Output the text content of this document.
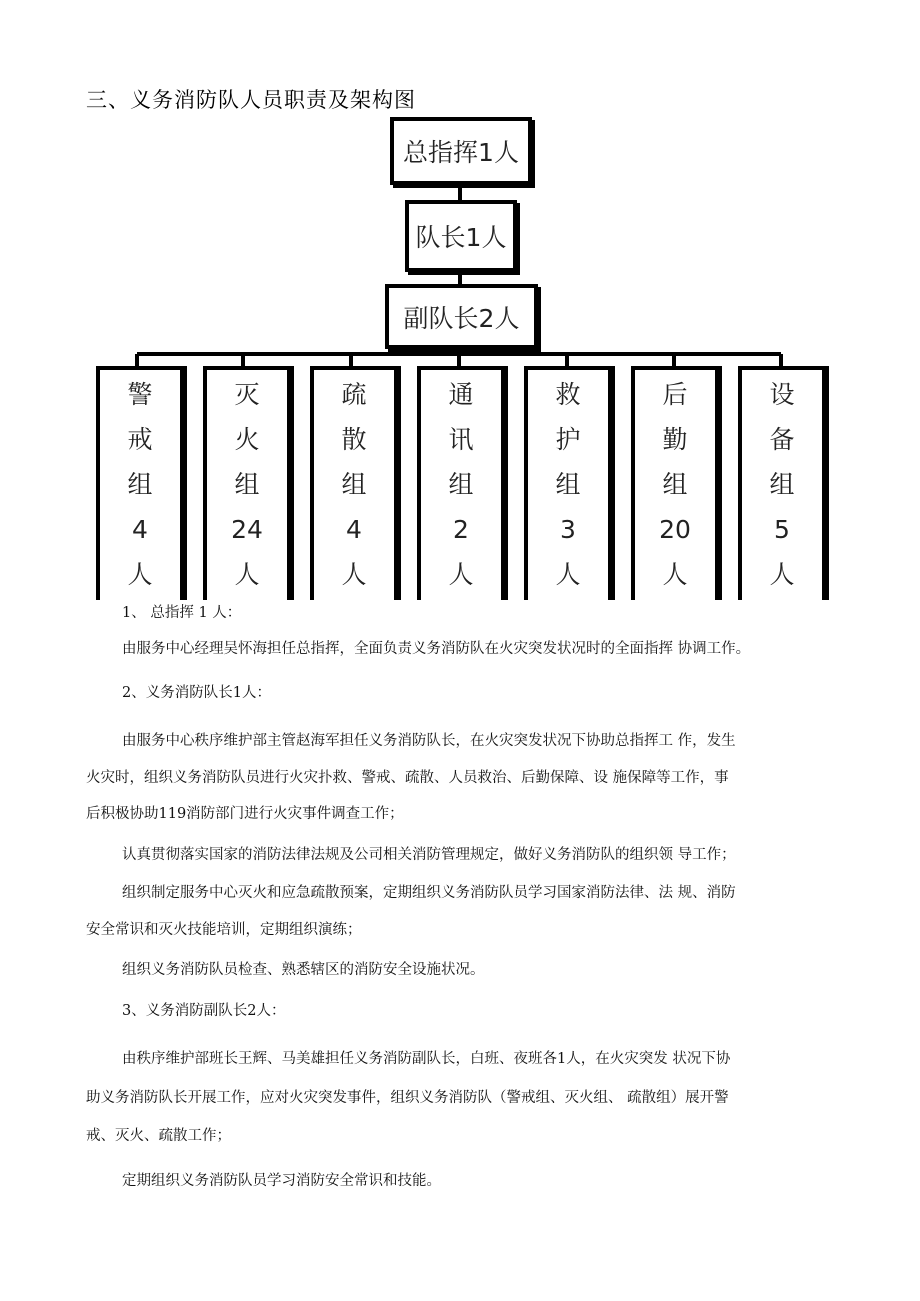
三、义务消防队人员职责及架构图
总指挥1人
队长1人
副队长2人
警
戒
组
4
人
灭
火
组
24
人
疏
散
组
4
人
通
讯
组
2
人
救
护
组
3
人
后
勤
组
20
人
设
备
组
5
人
1、 总指挥 1 人：
由服务中心经理吴怀海担任总指挥，全面负责义务消防队在火灾突发状况时的全面指挥 协调工作。
2、义务消防队长1人：
由服务中心秩序维护部主管赵海军担任义务消防队长，在火灾突发状况下协助总指挥工 作，发生
火灾时，组织义务消防队员进行火灾扑救、警戒、疏散、人员救治、后勤保障、设 施保障等工作，事
后积极协助119消防部门进行火灾事件调查工作；
认真贯彻落实国家的消防法律法规及公司相关消防管理规定，做好义务消防队的组织领 导工作；
组织制定服务中心灭火和应急疏散预案，定期组织义务消防队员学习国家消防法律、法 规、消防
安全常识和灭火技能培训，定期组织演练；
组织义务消防队员检查、熟悉辖区的消防安全设施状况。
3、义务消防副队长2人：
由秩序维护部班长王辉、马美雄担任义务消防副队长，白班、夜班各1人，在火灾突发 状况下协
助义务消防队长开展工作，应对火灾突发事件，组织义务消防队（警戒组、灭火组、 疏散组）展开警
戒、灭火、疏散工作；
定期组织义务消防队员学习消防安全常识和技能。
